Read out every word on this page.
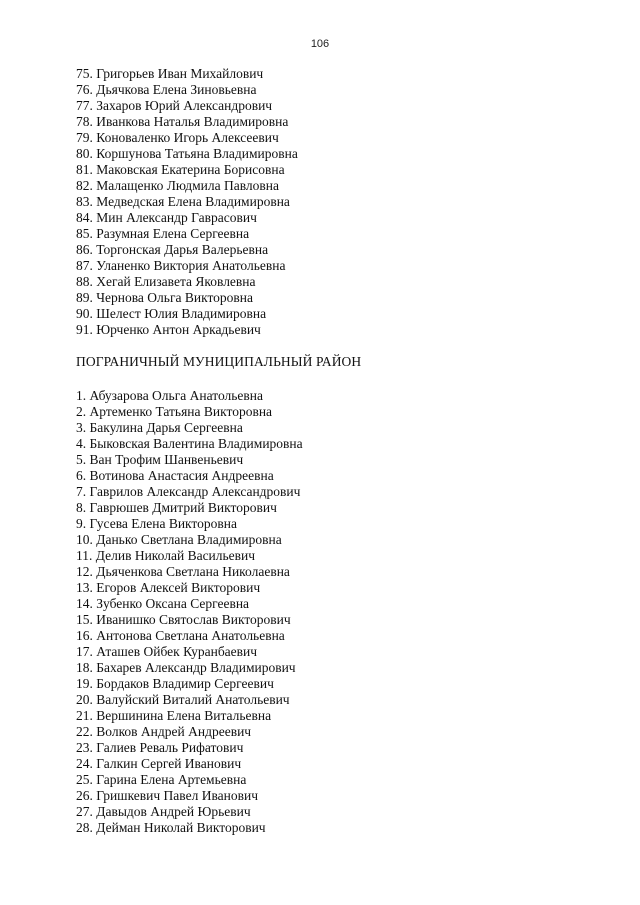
106
75. Григорьев Иван Михайлович
76. Дьячкова Елена Зиновьевна
77. Захаров Юрий Александрович
78. Иванкова Наталья Владимировна
79. Коноваленко Игорь Алексеевич
80. Коршунова Татьяна Владимировна
81. Маковская Екатерина Борисовна
82. Малащенко Людмила Павловна
83. Медведская Елена Владимировна
84. Мин Александр Гаврасович
85. Разумная Елена Сергеевна
86. Торгонская Дарья Валерьевна
87. Уланенко Виктория Анатольевна
88. Хегай Елизавета Яковлевна
89. Чернова Ольга Викторовна
90. Шелест Юлия Владимировна
91. Юрченко Антон Аркадьевич
ПОГРАНИЧНЫЙ МУНИЦИПАЛЬНЫЙ РАЙОН
1. Абузарова Ольга Анатольевна
2. Артеменко Татьяна Викторовна
3. Бакулина Дарья Сергеевна
4. Быковская Валентина Владимировна
5. Ван Трофим Шанвеньевич
6. Вотинова Анастасия Андреевна
7. Гаврилов Александр Александрович
8. Гаврюшев Дмитрий Викторович
9. Гусева Елена Викторовна
10. Данько Светлана Владимировна
11. Делив Николай Васильевич
12. Дьяченкова Светлана Николаевна
13. Егоров Алексей Викторович
14. Зубенко Оксана Сергеевна
15. Иванишко Святослав Викторович
16. Антонова Светлана Анатольевна
17. Аташев Ойбек Куранбаевич
18. Бахарев Александр Владимирович
19. Бордаков Владимир Сергеевич
20. Валуйский Виталий Анатольевич
21. Вершинина Елена Витальевна
22. Волков Андрей Андреевич
23. Галиев Реваль Рифатович
24. Галкин Сергей Иванович
25. Гарина Елена Артемьевна
26. Гришкевич Павел Иванович
27. Давыдов Андрей Юрьевич
28. Дейман Николай Викторович
